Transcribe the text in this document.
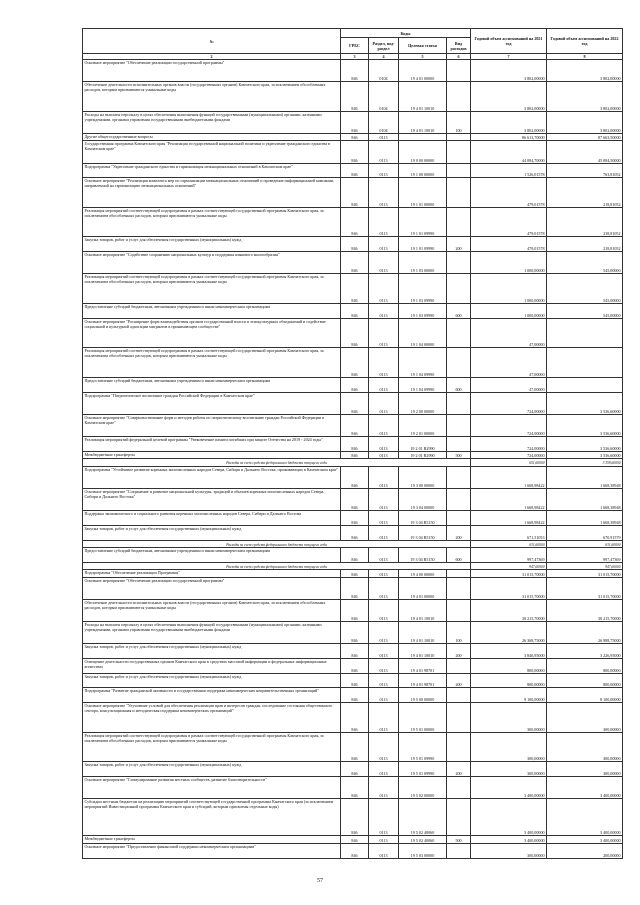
№	Коды				Годовой объем ассигнований на 2021 год	Годовой объем ассигнований на 2022 год
	ГРБС	Раздел, под-раздел	Целевая статья	Вид расходов		
2	3	4	5	6	7	8
Основное мероприятие "Обеспечение реализации государственной программы"	846	0104	19 4 01 00000		3 802,00000	3 802,00000
Обеспечение деятельности исполнительных органов власти (государственных органов) Камчатского края, за исключением обособленных расходов, которым присваиваются уникальные коды	846	0104	19 4 01 10010		3 802,00000	3 802,00000
Расходы на выплаты персоналу в целях обеспечения выполнения функций государственными (муниципальными) органами, казенными учреждениями, органами управления государственными внебюджетными фондами	846	0104	19 4 01 10010	100	3 802,00000	3 802,00000
Другие общегосударственные вопросы	846	0113			86 613,70000	87 663,50000
Государственная программа Камчатского края "Реализация государственной национальной политики и укрепление гражданского единства в Камчатском крае"	846	0113	19 0 00 00000		44 084,70000	45 084,50000
Подпрограмма "Укрепление гражданского единства и гармонизация межнациональных отношений в Камчатском крае"	846	0113	19 1 00 00000		1 526,01578	763,81052
Основное мероприятие "Реализация комплекса мер по гармонизации межнациональных отношений и проведение информационной кампании, направленной на гармонизацию межнациональных отношений"	846	0113	19 1 01 00000		479,01578	218,81052
Реализация мероприятий соответствующей подпрограммы в рамках соответствующей государственной программы Камчатского края, за исключением обособленных расходов, которым присваиваются уникальные коды	846	0113	19 1 01 09990		479,01578	218,81052
Закупка товаров, работ и услуг для обеспечения государственных (муниципальных) нужд	846	0113	19 1 01 09990	200	479,01578	218,81052
Основное мероприятие "Содействие сохранению национальных культур и поддержка языкового многообразия"	846	0113	19 1 03 00000		1 000,00000	545,00000
Реализация мероприятий соответствующей подпрограммы в рамках соответствующей государственной программы Камчатского края, за исключением обособленных расходов, которым присваиваются уникальные коды	846	0113	19 1 03 09990		1 000,00000	545,00000
Предоставление субсидий бюджетным, автономным учреждениям и иным некоммерческим организациям	846	0113	19 1 03 09990	600	1 000,00000	545,00000
Основное мероприятие "Расширение форм взаимодействия органов государственной власти и этнокультурных объединений и содействие социальной и культурной адаптации мигрантов в принимающем сообществе"	846	0113	19 1 04 00000		47,00000	
Реализация мероприятий соответствующей подпрограммы в рамках соответствующей государственной программы Камчатского края, за исключением обособленных расходов, которым присваиваются уникальные коды	846	0113	19 1 04 09990		47,00000	
Предоставление субсидий бюджетным, автономным учреждениям и иным некоммерческим организациям	846	0113	19 1 04 09990	600	47,00000	
Подпрограмма "Патриотическое воспитание граждан Российской Федерации в Камчатском крае"	846	0113	19 2 00 00000		724,00000	3 536,60000
Основное мероприятие "Совершенствование форм и методов работы по патриотическому воспитанию граждан Российской Федерации в Камчатском крае"	846	0113	19 2 01 00000		724,00000	3 536,60000
Реализация мероприятий федеральной целевой программы "Увековечение памяти погибших при защите Отечества на 2019 - 2024 годы"	846	0113	19 2 01 R2990		724,00000	3 536,60000
Межбюджетные трансферты	846	0113	19 2 01 R2990	500	724,00000	3 536,60000
Расходы за счет средств федерального бюджета текущего года					651,60000	3 359,60000
Подпрограмма "Устойчивое развитие коренных малочисленных народов Севера, Сибири и Дальнего Востока, проживающих в Камчатском крае"	846	0113	19 3 00 00000		1 668,98422	1 668,38948
Основное мероприятие "Сохранение и развитие национальной культуры, традиций и обычаев коренных малочисленных народов Севера, Сибири и Дальнего Востока"	846	0113	19 3 04 00000		1 668,98422	1 668,38948
Поддержка экономического и социального развития коренных малочисленных народов Севера, Сибири и Дальнего Востока	846	0113	19 3 04 R5150		1 668,98422	1 668,38948
Закупка товаров, работ и услуг для обеспечения государственных (муниципальных) нужд	846	0113	19 3 04 R5150	200	671,51053	670,91579
Расходы за счет средств федерального бюджета текущего года					631,60000	631,60000
Предоставление субсидий бюджетным, автономным учреждениям и иным некоммерческим организациям	846	0113	19 3 04 R5150	600	997,47369	997,47369
Расходы за счет средств федерального бюджета текущего года					947,60000	947,60000
Подпрограмма "Обеспечение реализации Программы"	846	0113	19 4 00 00000		31 015,70000	31 015,70000
Основное мероприятие "Обеспечение реализации государственной программы"	846	0113	19 4 01 00000		31 015,70000	31 015,70000
Обеспечение деятельности исполнительных органов власти (государственных органов) Камчатского края, за исключением обособленных расходов, которым присваиваются уникальные коды	846	0113	19 4 01 10010		30 215,70000	30 215,70000
Расходы на выплаты персоналу в целях обеспечения выполнения функций государственными (муниципальными) органами, казенными учреждениями, органами управления государственными внебюджетными фондами	846	0113	19 4 01 10010	100	26 368,75000	26 988,75000
Закупка товаров, работ и услуг для обеспечения государственных (муниципальных) нужд	846	0113	19 4 01 10010	200	3 846,95000	3 226,95000
Освещение деятельности государственных органов Камчатского края в средствах массовой информации и федеральных информационных агентствах	846	0113	19 4 01 98701		800,00000	800,00000
Закупка товаров, работ и услуг для обеспечения государственных (муниципальных) нужд	846	0113	19 4 01 98701	200	800,00000	800,00000
Подпрограмма "Развитие гражданской активности и государственная поддержка некоммерческих неправительственных организаций"	846	0113	19 5 00 00000		9 100,00000	8 100,00000
Основное мероприятие "Улучшение условий для обеспечения реализации прав и интересов граждан, исследование состояния общественного сектора, консультационная и методическая поддержка некоммерческих организаций"	846	0113	19 5 01 00000		300,00000	300,00000
Реализация мероприятий соответствующей подпрограммы в рамках соответствующей государственной программы Камчатского края, за исключением обособленных расходов, которым присваиваются уникальные коды	846	0113	19 5 01 09990		300,00000	300,00000
Закупка товаров, работ и услуг для обеспечения государственных (муниципальных) нужд	846	0113	19 5 01 09990	200	300,00000	300,00000
Основное мероприятие "Стимулирование развития местных сообществ, развитие благотворительности"	846	0113	19 5 02 00000		3 400,00000	3 400,00000
Субсидии местным бюджетам на реализацию мероприятий соответствующей государственной программы Камчатского края (за исключением мероприятий Инвестиционной программы Камчатского края и субсидий, которым присвоены отдельные коды)	846	0113	19 5 02 40060		3 400,00000	3 400,00000
Межбюджетные трансферты	846	0113	19 5 02 40060	500	3 400,00000	3 400,00000
Основное мероприятие "Предоставление финансовой поддержки некоммерческим организациям"	846	0113	19 5 03 00000		300,00000	200,00000
57
